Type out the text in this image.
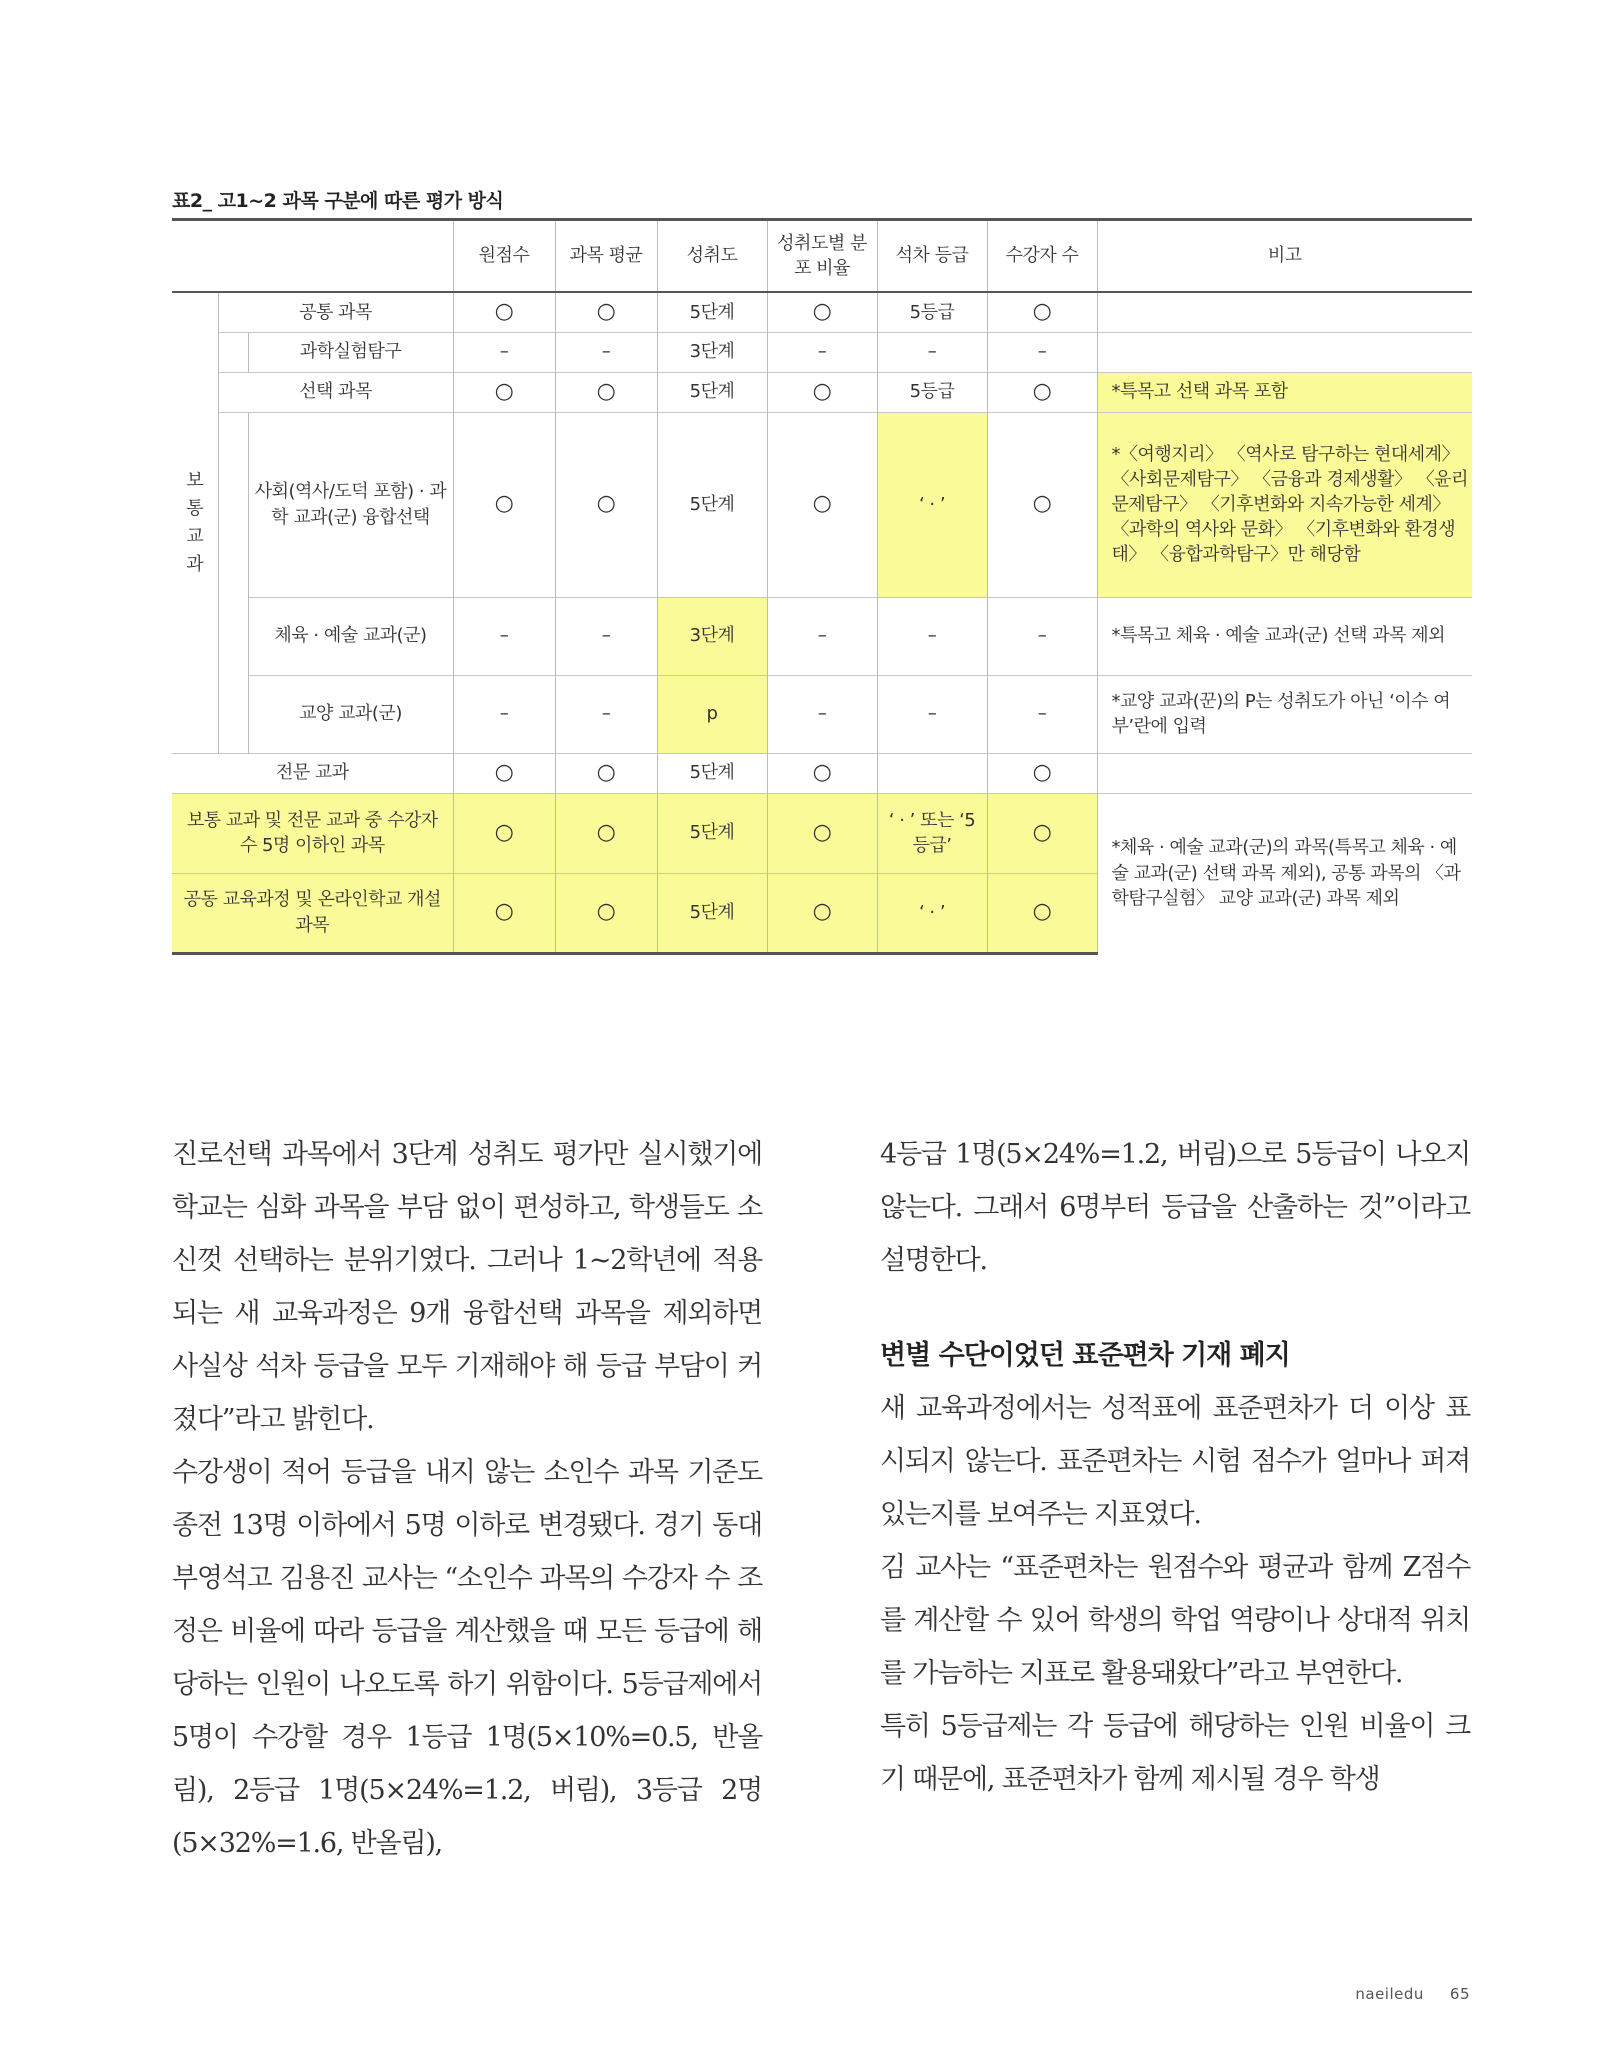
표2_ 고1~2 과목 구분에 따른 평가 방식
			원점수	과목 평균	성취도	성취도별 분포 비율	석차 등급	수강자 수	비고
보통 교과	공통 과목		○	○	5단계	○	5등급	○	
		과학실험탐구	–	–	3단계	–	–	–	
	선택 과목		○	○	5단계	○	5등급	○	*특목고 선택 과목 포함
		사회(역사/도덕 포함) · 과학 교과(군) 융합선택	○	○	5단계	○	‘ · ’	○	*〈여행지리〉 〈역사로 탐구하는 현대세계〉 〈사회문제탐구〉 〈금융과 경제생활〉 〈윤리문제탐구〉 〈기후변화와 지속가능한 세계〉 〈과학의 역사와 문화〉 〈기후변화와 환경생태〉 〈융합과학탐구〉만 해당함
		체육 · 예술 교과(군)	–	–	3단계	–	–	–	*특목고 체육 · 예술 교과(군) 선택 과목 제외
		교양 교과(군)	–	–	p	–	–	–	*교양 교과(꾼)의 P는 성취도가 아닌 ‘이수 여부’란에 입력
전문 교과			○	○	5단계	○		○	
보통 교과 및 전문 교과 중 수강자 수 5명 이하인 과목			○	○	5단계	○	‘ · ’ 또는 ‘5등급’	○	*체육 · 예술 교과(군)의 과목(특목고 체육 · 예술 교과(군) 선택 과목 제외), 공통 과목의 〈과학탐구실험〉 교양 교과(군) 과목 제외
공동 교육과정 및 온라인학교 개설 과목			○	○	5단계	○	‘ · ’	○	

진로선택 과목에서 3단계 성취도 평가만 실시했기에 학교는 심화 과목을 부담 없이 편성하고, 학생들도 소신껏 선택하는 분위기였다. 그러나 1~2학년에 적용되는 새 교육과정은 9개 융합선택 과목을 제외하면 사실상 석차 등급을 모두 기재해야 해 등급 부담이 커졌다”라고 밝힌다.

수강생이 적어 등급을 내지 않는 소인수 과목 기준도 종전 13명 이하에서 5명 이하로 변경됐다. 경기 동대부영석고 김용진 교사는 “소인수 과목의 수강자 수 조정은 비율에 따라 등급을 계산했을 때 모든 등급에 해당하는 인원이 나오도록 하기 위함이다. 5등급제에서 5명이 수강할 경우 1등급 1명(5×10%=0.5, 반올림), 2등급 1명(5×24%=1.2, 버림), 3등급 2명(5×32%=1.6, 반올림),

4등급 1명(5×24%=1.2, 버림)으로 5등급이 나오지 않는다. 그래서 6명부터 등급을 산출하는 것”이라고 설명한다.

변별 수단이었던 표준편차 기재 폐지

새 교육과정에서는 성적표에 표준편차가 더 이상 표시되지 않는다. 표준편차는 시험 점수가 얼마나 퍼져 있는지를 보여주는 지표였다.

김 교사는 “표준편차는 원점수와 평균과 함께 Z점수를 계산할 수 있어 학생의 학업 역량이나 상대적 위치를 가늠하는 지표로 활용돼왔다”라고 부연한다.

특히 5등급제는 각 등급에 해당하는 인원 비율이 크기 때문에, 표준편차가 함께 제시될 경우 학생

naeiledu 65
